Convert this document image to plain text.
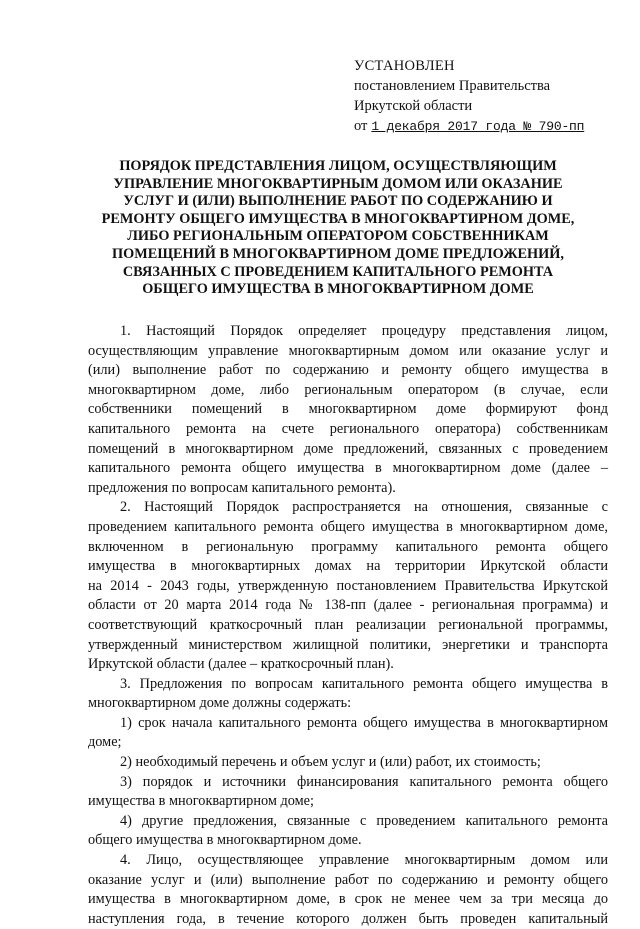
УСТАНОВЛЕН
постановлением Правительства
Иркутской области
от 1 декабря 2017 года № 790-пп
ПОРЯДОК ПРЕДСТАВЛЕНИЯ ЛИЦОМ, ОСУЩЕСТВЛЯЮЩИМ
УПРАВЛЕНИЕ МНОГОКВАРТИРНЫМ ДОМОМ ИЛИ ОКАЗАНИЕ
УСЛУГ И (ИЛИ) ВЫПОЛНЕНИЕ РАБОТ ПО СОДЕРЖАНИЮ И
РЕМОНТУ ОБЩЕГО ИМУЩЕСТВА В МНОГОКВАРТИРНОМ ДОМЕ,
ЛИБО РЕГИОНАЛЬНЫМ ОПЕРАТОРОМ СОБСТВЕННИКАМ
ПОМЕЩЕНИЙ В МНОГОКВАРТИРНОМ ДОМЕ ПРЕДЛОЖЕНИЙ,
СВЯЗАННЫХ С ПРОВЕДЕНИЕМ КАПИТАЛЬНОГО РЕМОНТА
ОБЩЕГО ИМУЩЕСТВА В МНОГОКВАРТИРНОМ ДОМЕ
1. Настоящий Порядок определяет процедуру представления лицом,
осуществляющим управление многоквартирным домом или оказание услуг и
(или) выполнение работ по содержанию и ремонту общего имущества в
многоквартирном доме, либо региональным оператором (в случае, если
собственники помещений в многоквартирном доме формируют фонд
капитального ремонта на счете регионального оператора) собственникам
помещений в многоквартирном доме предложений, связанных с проведением
капитального ремонта общего имущества в многоквартирном доме (далее –
предложения по вопросам капитального ремонта).
2. Настоящий Порядок распространяется на отношения, связанные с
проведением капитального ремонта общего имущества в многоквартирном доме,
включенном в региональную программу капитального ремонта общего
имущества в многоквартирных домах на территории Иркутской области
на 2014 - 2043 годы, утвержденную постановлением Правительства Иркутской
области от 20 марта 2014 года № 138-пп (далее - региональная программа) и
соответствующий краткосрочный план реализации региональной программы,
утвержденный министерством жилищной политики, энергетики и транспорта
Иркутской области (далее – краткосрочный план).
3. Предложения по вопросам капитального ремонта общего имущества в
многоквартирном доме должны содержать:
1) срок начала капитального ремонта общего имущества в многоквартирном
доме;
2) необходимый перечень и объем услуг и (или) работ, их стоимость;
3) порядок и источники финансирования капитального ремонта общего
имущества в многоквартирном доме;
4) другие предложения, связанные с проведением капитального ремонта
общего имущества в многоквартирном доме.
4. Лицо, осуществляющее управление многоквартирным домом или
оказание услуг и (или) выполнение работ по содержанию и ремонту общего
имущества в многоквартирном доме, в срок не менее чем за три месяца до
наступления года, в течение которого должен быть проведен капитальный
